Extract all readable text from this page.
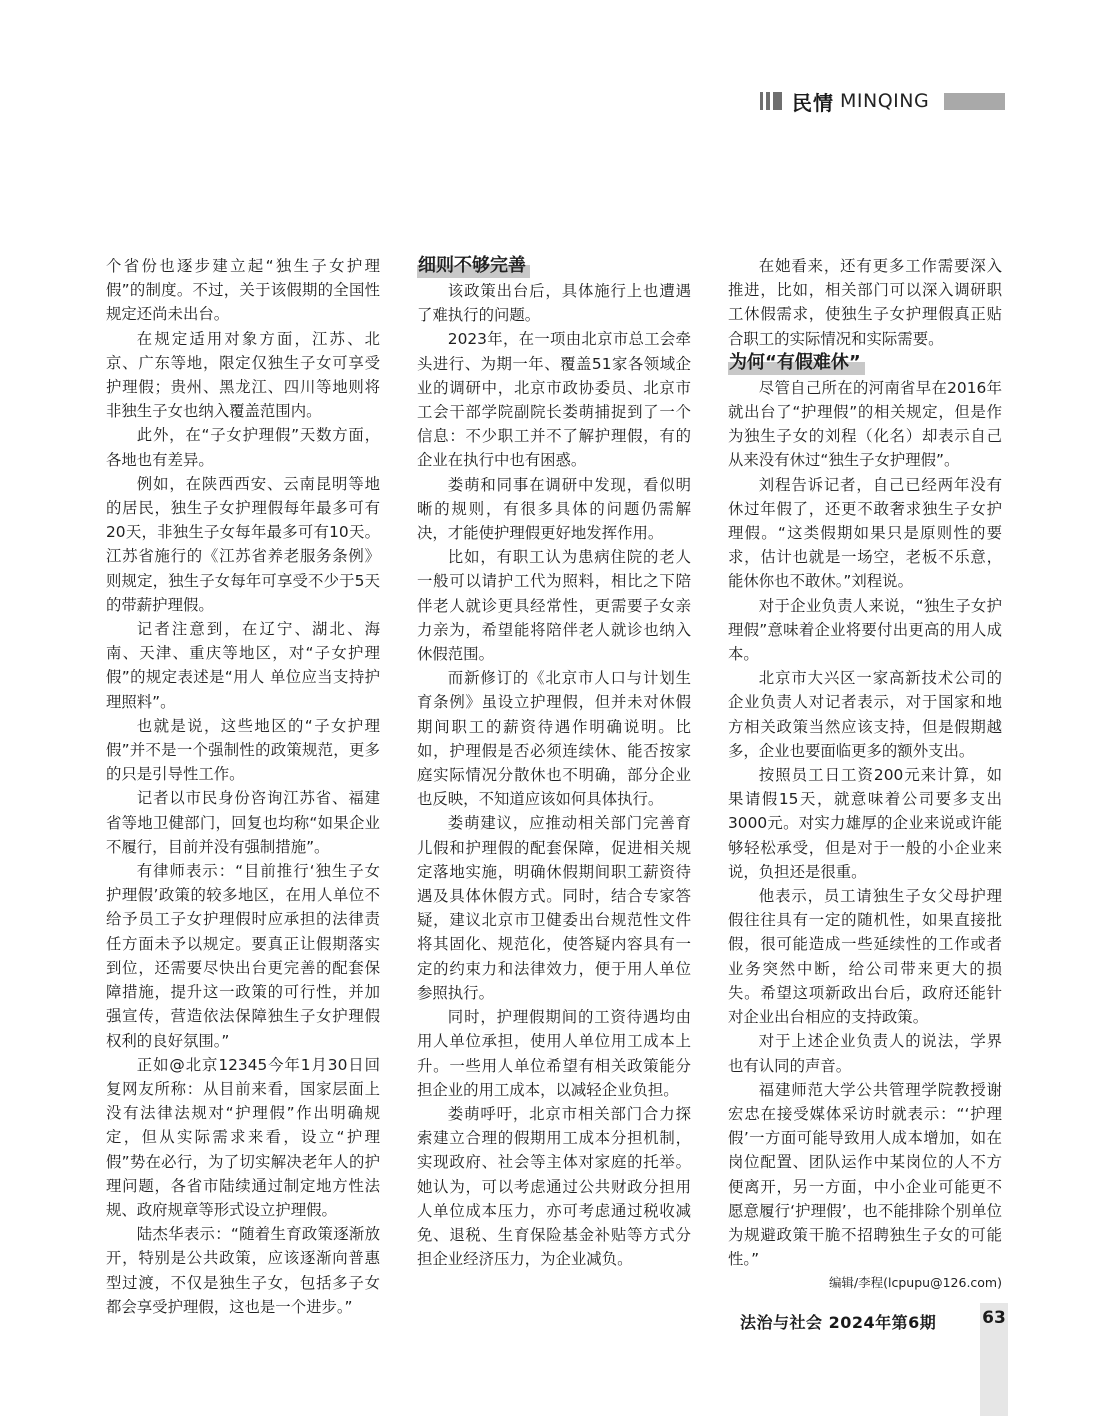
民情 MINQING

个省份也逐步建立起“独生子女护理假”的制度。不过，关于该假期的全国性规定还尚未出台。

在规定适用对象方面，江苏、北京、广东等地，限定仅独生子女可享受护理假；贵州、黑龙江、四川等地则将非独生子女也纳入覆盖范围内。

此外，在“子女护理假”天数方面，各地也有差异。

例如，在陕西西安、云南昆明等地的居民，独生子女护理假每年最多可有20天，非独生子女每年最多可有10天。江苏省施行的《江苏省养老服务条例》则规定，独生子女每年可享受不少于5天的带薪护理假。

记者注意到，在辽宁、湖北、海南、天津、重庆等地区，对“子女护理假”的规定表述是“用人 单位应当支持护理照料”。

也就是说，这些地区的“子女护理假”并不是一个强制性的政策规范，更多的只是引导性工作。

记者以市民身份咨询江苏省、福建省等地卫健部门，回复也均称“如果企业不履行，目前并没有强制措施”。

有律师表示：“目前推行‘独生子女护理假’政策的较多地区，在用人单位不给予员工子女护理假时应承担的法律责任方面未予以规定。要真正让假期落实到位，还需要尽快出台更完善的配套保障措施，提升这一政策的可行性，并加强宣传，营造依法保障独生子女护理假权利的良好氛围。”

正如@北京12345今年1月30日回复网友所称：从目前来看，国家层面上没有法律法规对“护理假”作出明确规定，但从实际需求来看，设立“护理假”势在必行，为了切实解决老年人的护理问题，各省市陆续通过制定地方性法规、政府规章等形式设立护理假。

陆杰华表示：“随着生育政策逐渐放开，特别是公共政策，应该逐渐向普惠型过渡，不仅是独生子女，包括多子女都会享受护理假，这也是一个进步。”

细则不够完善

该政策出台后，具体施行上也遭遇了难执行的问题。

2023年，在一项由北京市总工会牵头进行、为期一年、覆盖51家各领域企业的调研中，北京市政协委员、北京市工会干部学院副院长娄萌捕捉到了一个信息：不少职工并不了解护理假，有的企业在执行中也有困惑。

娄萌和同事在调研中发现，看似明晰的规则，有很多具体的问题仍需解决，才能使护理假更好地发挥作用。

比如，有职工认为患病住院的老人一般可以请护工代为照料，相比之下陪伴老人就诊更具经常性，更需要子女亲力亲为，希望能将陪伴老人就诊也纳入休假范围。

而新修订的《北京市人口与计划生育条例》虽设立护理假，但并未对休假期间职工的薪资待遇作明确说明。比如，护理假是否必须连续休、能否按家庭实际情况分散休也不明确，部分企业也反映，不知道应该如何具体执行。

娄萌建议，应推动相关部门完善育儿假和护理假的配套保障，促进相关规定落地实施，明确休假期间职工薪资待遇及具体休假方式。同时，结合专家答疑，建议北京市卫健委出台规范性文件将其固化、规范化，使答疑内容具有一定的约束力和法律效力，便于用人单位参照执行。

同时，护理假期间的工资待遇均由用人单位承担，使用人单位用工成本上升。一些用人单位希望有相关政策能分担企业的用工成本，以减轻企业负担。

娄萌呼吁，北京市相关部门合力探索建立合理的假期用工成本分担机制，实现政府、社会等主体对家庭的托举。她认为，可以考虑通过公共财政分担用人单位成本压力，亦可考虑通过税收减免、退税、生育保险基金补贴等方式分担企业经济压力，为企业减负。

在她看来，还有更多工作需要深入推进，比如，相关部门可以深入调研职工休假需求，使独生子女护理假真正贴合职工的实际情况和实际需要。

为何“有假难休”

尽管自己所在的河南省早在2016年就出台了“护理假”的相关规定，但是作为独生子女的刘程（化名）却表示自己从来没有休过“独生子女护理假”。

刘程告诉记者，自己已经两年没有休过年假了，还更不敢奢求独生子女护理假。“这类假期如果只是原则性的要求，估计也就是一场空，老板不乐意，能休你也不敢休。”刘程说。

对于企业负责人来说，“独生子女护理假”意味着企业将要付出更高的用人成本。

北京市大兴区一家高新技术公司的企业负责人对记者表示，对于国家和地方相关政策当然应该支持，但是假期越多，企业也要面临更多的额外支出。

按照员工日工资200元来计算，如果请假15天，就意味着公司要多支出3000元。对实力雄厚的企业来说或许能够轻松承受，但是对于一般的小企业来说，负担还是很重。

他表示，员工请独生子女父母护理假往往具有一定的随机性，如果直接批假，很可能造成一些延续性的工作或者业务突然中断，给公司带来更大的损失。希望这项新政出台后，政府还能针对企业出台相应的支持政策。

对于上述企业负责人的说法，学界也有认同的声音。

福建师范大学公共管理学院教授谢宏忠在接受媒体采访时就表示：“‘护理假’一方面可能导致用人成本增加，如在岗位配置、团队运作中某岗位的人不方便离开，另一方面，中小企业可能更不愿意履行‘护理假’，也不能排除个别单位为规避政策干脆不招聘独生子女的可能性。”

编辑/李程(lcpupu@126.com)
法治与社会 2024年第6期	63
